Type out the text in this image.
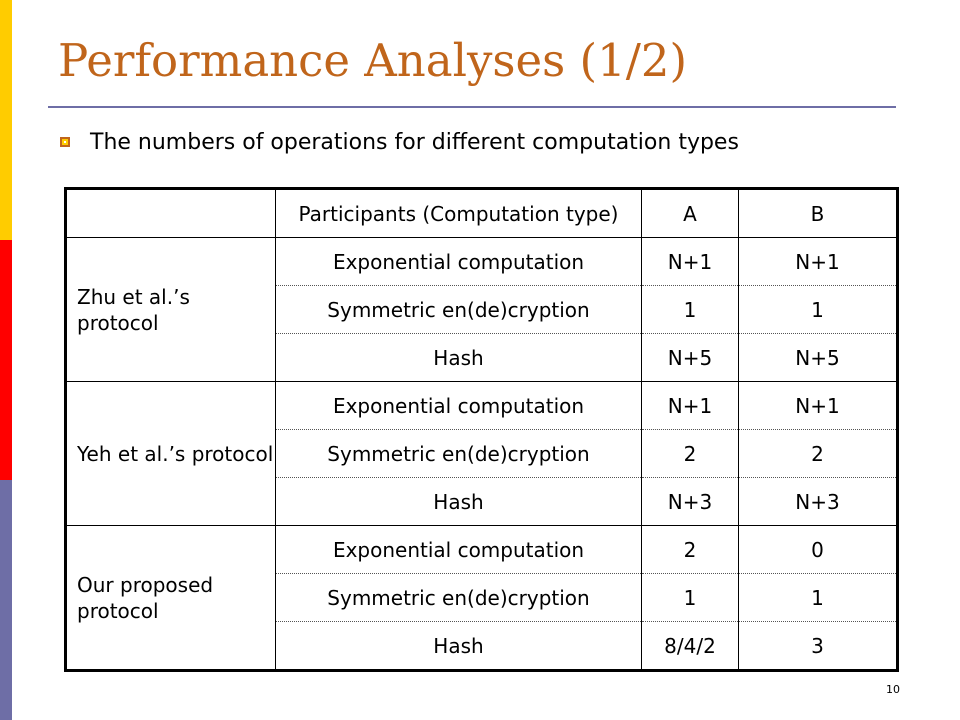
Performance Analyses (1/2)
The numbers of operations for different computation types
	Participants (Computation type)	A	B
Zhu et al.’s protocol	Exponential computation	N+1	N+1
	Symmetric en(de)cryption	1	1
	Hash	N+5	N+5
Yeh et al.’s protocol	Exponential computation	N+1	N+1
	Symmetric en(de)cryption	2	2
	Hash	N+3	N+3
Our proposed protocol	Exponential computation	2	0
	Symmetric en(de)cryption	1	1
	Hash	8/4/2	3
10
